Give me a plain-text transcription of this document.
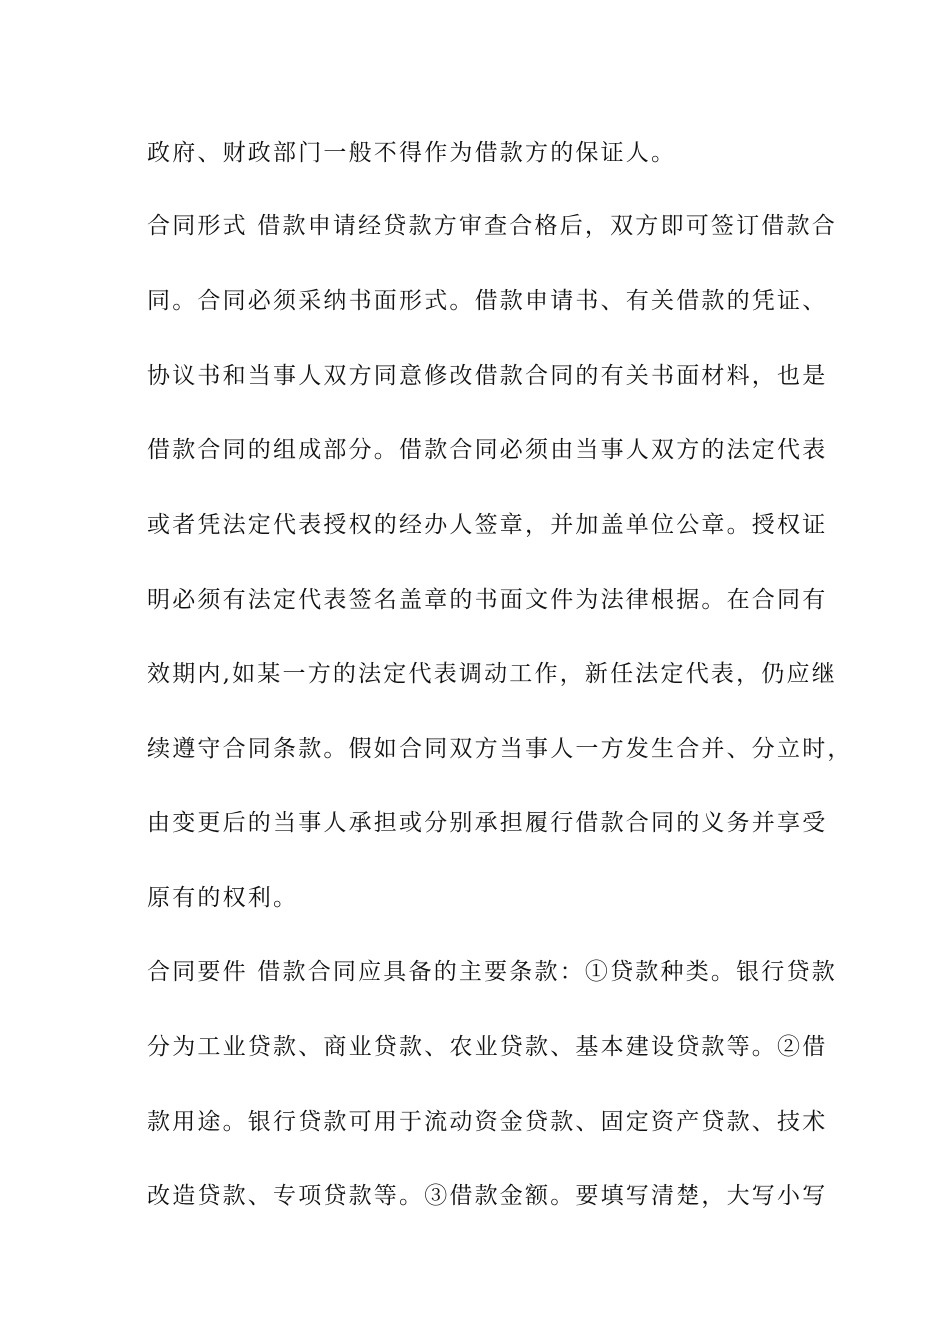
政府、财政部门一般不得作为借款方的保证人。
合同形式 借款申请经贷款方审查合格后，双方即可签订借款合
同。合同必须采纳书面形式。借款申请书、有关借款的凭证、
协议书和当事人双方同意修改借款合同的有关书面材料，也是
借款合同的组成部分。借款合同必须由当事人双方的法定代表
或者凭法定代表授权的经办人签章，并加盖单位公章。授权证
明必须有法定代表签名盖章的书面文件为法律根据。在合同有
效期内,如某一方的法定代表调动工作，新任法定代表，仍应继
续遵守合同条款。假如合同双方当事人一方发生合并、分立时，
由变更后的当事人承担或分别承担履行借款合同的义务并享受
原有的权利。
合同要件 借款合同应具备的主要条款：①贷款种类。银行贷款
分为工业贷款、商业贷款、农业贷款、基本建设贷款等。②借
款用途。银行贷款可用于流动资金贷款、固定资产贷款、技术
改造贷款、专项贷款等。③借款金额。要填写清楚，大写小写
